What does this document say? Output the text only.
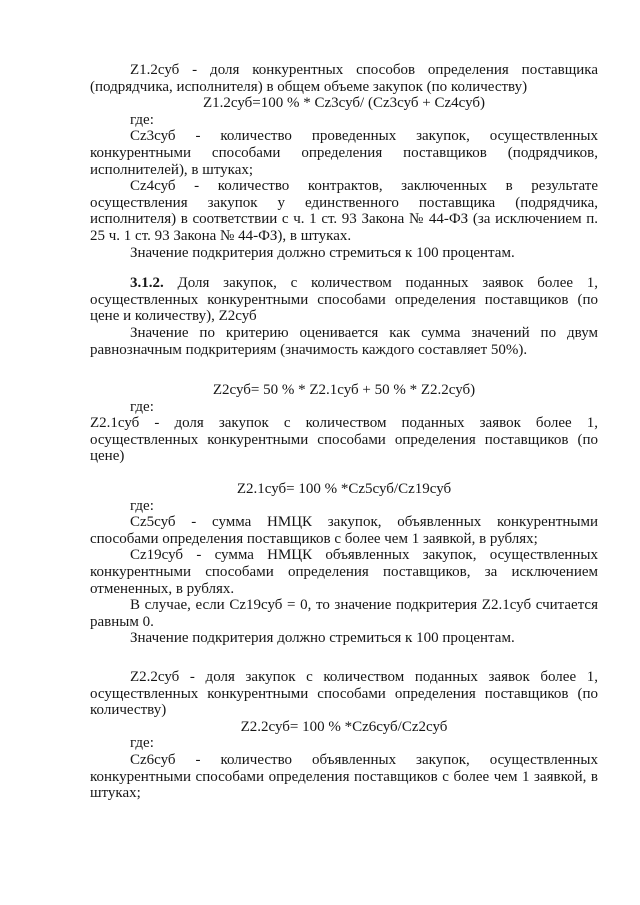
Z1.2суб - доля конкурентных способов определения поставщика (подрядчика, исполнителя) в общем объеме закупок (по количеству)

Z1.2суб=100 % * Cz3суб/ (Cz3суб + Cz4суб)

где:

Cz3суб - количество проведенных закупок, осуществленных конкурентными способами определения поставщиков (подрядчиков, исполнителей), в штуках;

Cz4суб - количество контрактов, заключенных в результате осуществления закупок у единственного поставщика (подрядчика, исполнителя) в соответствии с ч. 1 ст. 93 Закона № 44-ФЗ (за исключением п. 25 ч. 1 ст. 93 Закона № 44-ФЗ), в штуках.

Значение подкритерия должно стремиться к 100 процентам.

3.1.2. Доля закупок, с количеством поданных заявок более 1, осуществленных конкурентными способами определения поставщиков (по цене и количеству), Z2суб

Значение по критерию оценивается как сумма значений по двум равнозначным подкритериям (значимость каждого составляет 50%).

Z2суб= 50 % * Z2.1суб + 50 % * Z2.2суб)

где:

Z2.1суб - доля закупок с количеством поданных заявок более 1, осуществленных конкурентными способами определения поставщиков (по цене)

Z2.1суб= 100 % *Cz5суб/Cz19суб

где:

Cz5суб - сумма НМЦК закупок, объявленных конкурентными способами определения поставщиков с более чем 1 заявкой, в рублях;

Cz19суб - сумма НМЦК объявленных закупок, осуществленных конкурентными способами определения поставщиков, за исключением отмененных, в рублях.

В случае, если Cz19суб = 0, то значение подкритерия Z2.1суб считается равным 0.

Значение подкритерия должно стремиться к 100 процентам.

Z2.2суб - доля закупок с количеством поданных заявок более 1, осуществленных конкурентными способами определения поставщиков (по количеству)

Z2.2суб= 100 % *Cz6суб/Cz2суб

где:

Cz6суб - количество объявленных закупок, осуществленных конкурентными способами определения поставщиков с более чем 1 заявкой, в штуках;
